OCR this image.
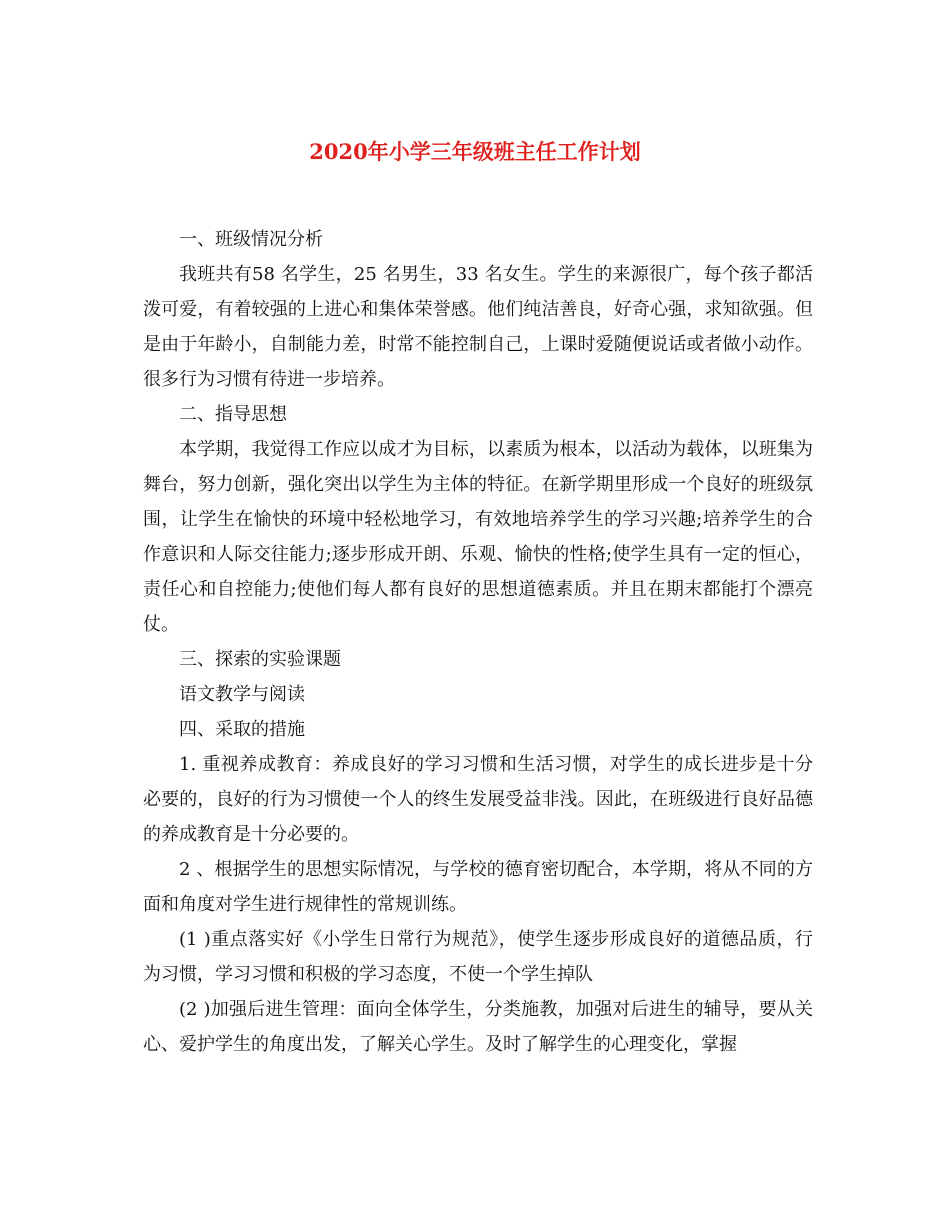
2020年小学三年级班主任工作计划

一、班级情况分析

我班共有58 名学生，25 名男生，33 名女生。学生的来源很广，每个孩子都活泼可爱，有着较强的上进心和集体荣誉感。他们纯洁善良，好奇心强，求知欲强。但是由于年龄小，自制能力差，时常不能控制自己，上课时爱随便说话或者做小动作。很多行为习惯有待进一步培养。

二、指导思想

本学期，我觉得工作应以成才为目标，以素质为根本，以活动为载体，以班集为舞台，努力创新，强化突出以学生为主体的特征。在新学期里形成一个良好的班级氛围，让学生在愉快的环境中轻松地学习，有效地培养学生的学习兴趣;培养学生的合作意识和人际交往能力;逐步形成开朗、乐观、愉快的性格;使学生具有一定的恒心，责任心和自控能力;使他们每人都有良好的思想道德素质。并且在期末都能打个漂亮仗。

三、探索的实验课题

语文教学与阅读

四、采取的措施

1. 重视养成教育：养成良好的学习习惯和生活习惯，对学生的成长进步是十分必要的，良好的行为习惯使一个人的终生发展受益非浅。因此，在班级进行良好品德的养成教育是十分必要的。

2 、根据学生的思想实际情况，与学校的德育密切配合，本学期，将从不同的方面和角度对学生进行规律性的常规训练。

(1 )重点落实好《小学生日常行为规范》，使学生逐步形成良好的道德品质，行为习惯，学习习惯和积极的学习态度，不使一个学生掉队

(2 )加强后进生管理：面向全体学生，分类施教，加强对后进生的辅导，要从关心、爱护学生的角度出发，了解关心学生。及时了解学生的心理变化，掌握
